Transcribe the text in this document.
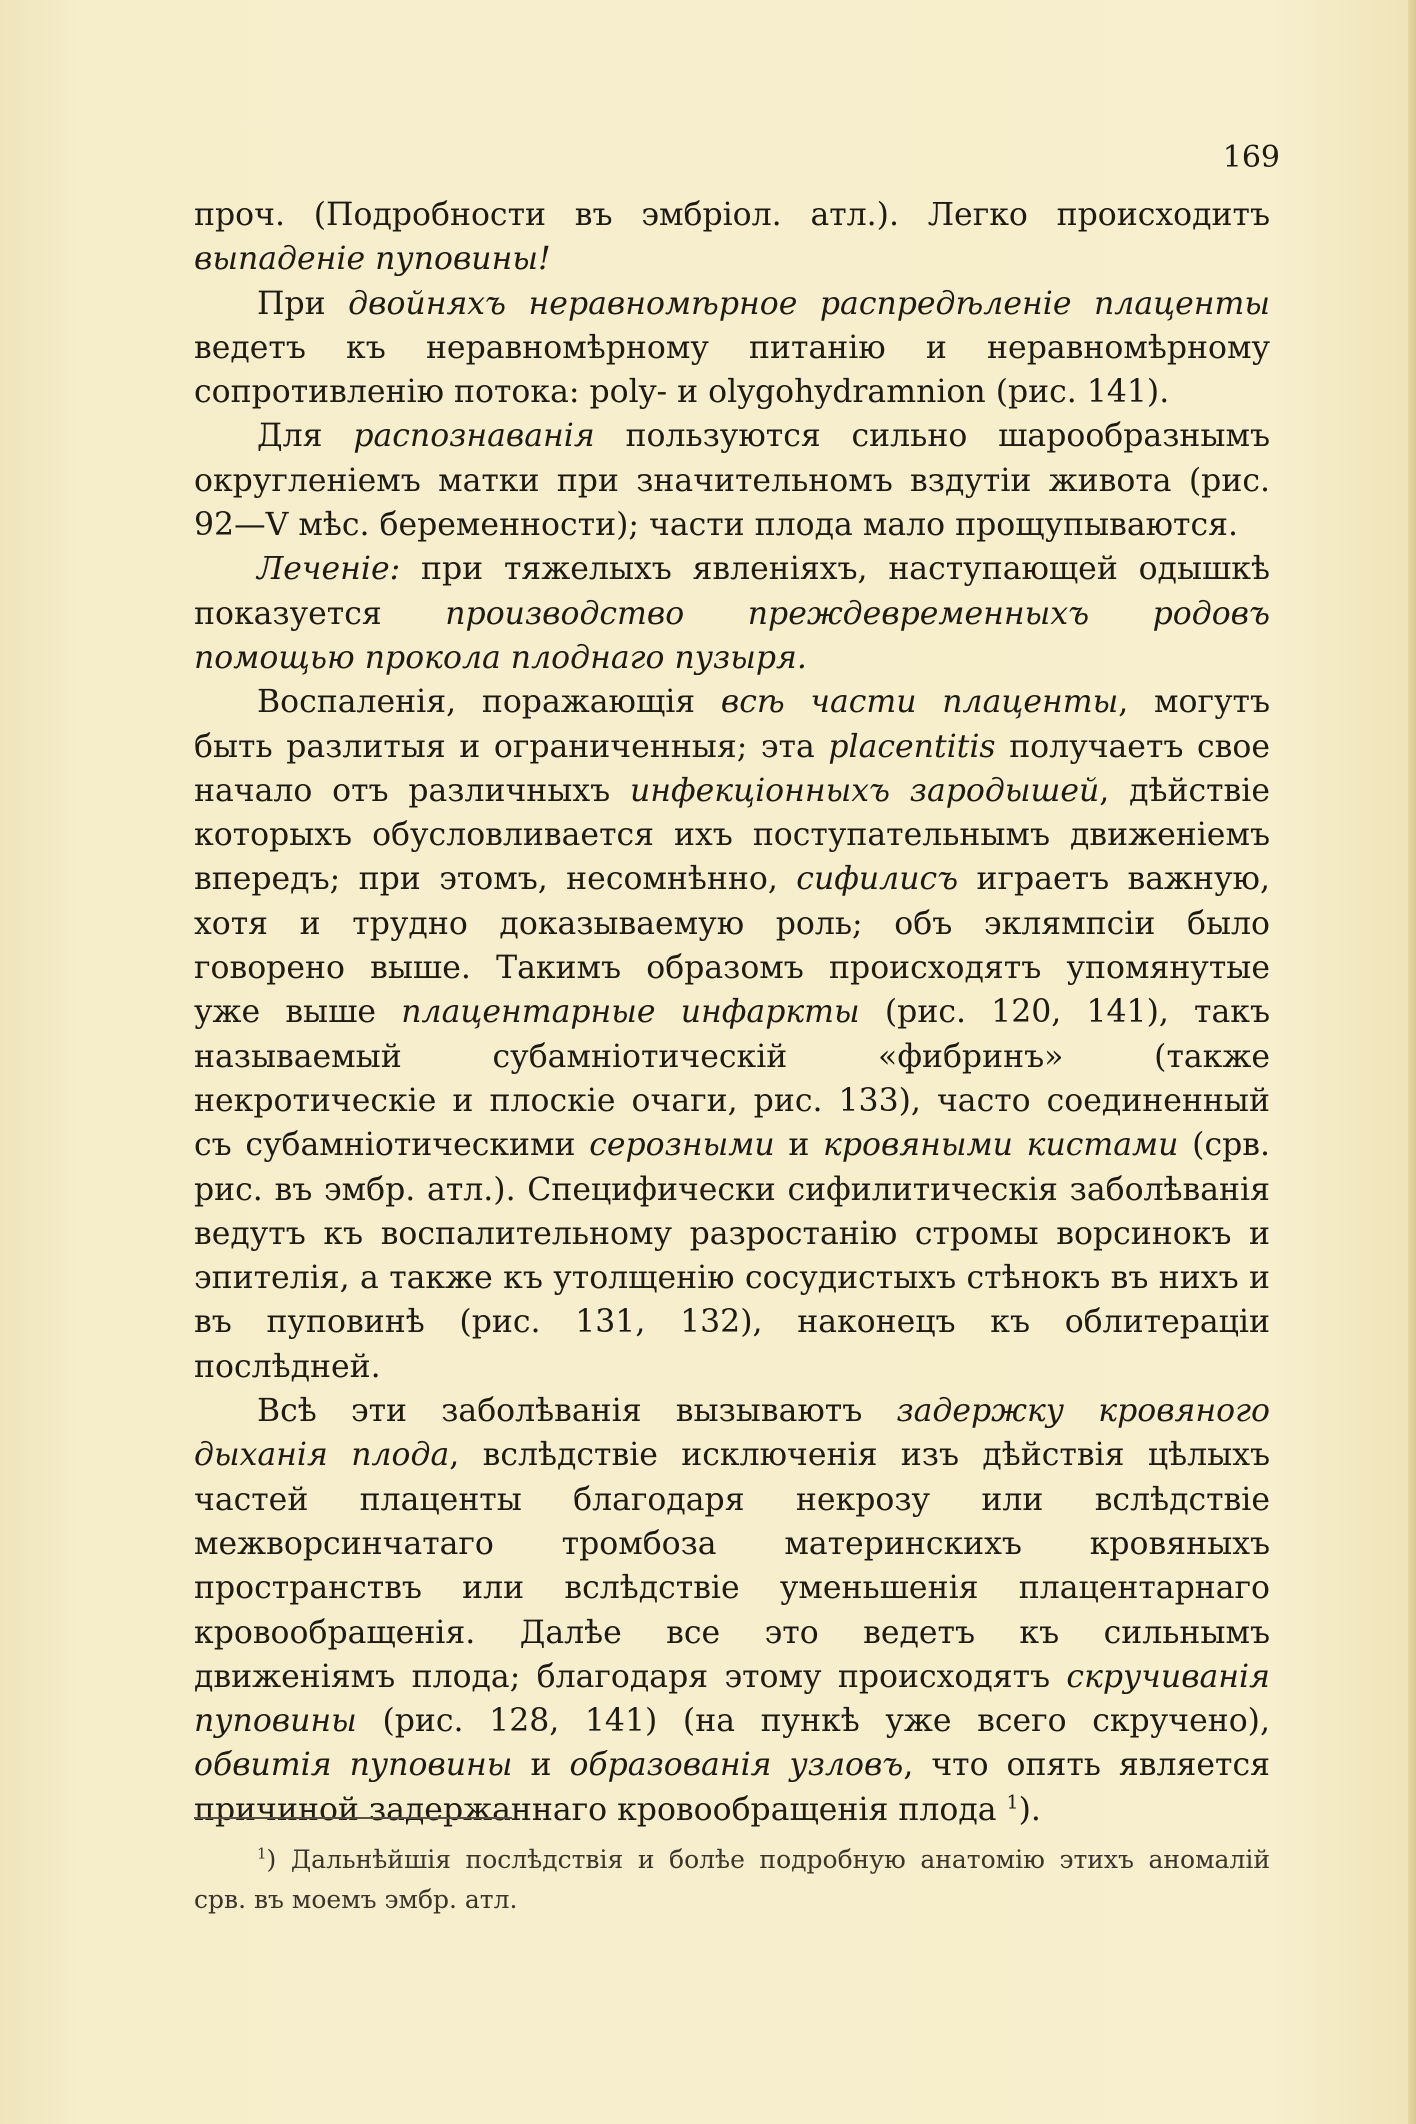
169

проч. (Подробности въ эмбріол. атл.). Легко происходитъ выпаденіе пуповины!

При двойняхъ неравномѣрное распредѣленіе плаценты ведетъ къ неравномѣрному питанію и неравномѣрному сопротивленію потока: poly- и olygohydramnion (рис. 141).

Для распознаванія пользуются сильно шарообразнымъ округленіемъ матки при значительномъ вздутіи живота (рис. 92—V мѣс. беременности); части плода мало прощупываются.

Леченіе: при тяжелыхъ явленіяхъ, наступающей одышкѣ показуется производство преждевременныхъ родовъ помощью прокола плоднаго пузыря.

Воспаленія, поражающія всѣ части плаценты, могутъ быть разлитыя и ограниченныя; эта placentitis получаетъ свое начало отъ различныхъ инфекціонныхъ зародышей, дѣйствіе которыхъ обусловливается ихъ поступательнымъ движеніемъ впередъ; при этомъ, несомнѣнно, сифилисъ играетъ важную, хотя и трудно доказываемую роль; объ эклямпсіи было говорено выше. Такимъ образомъ происходятъ упомянутые уже выше плацентарные инфаркты (рис. 120, 141), такъ называемый субамніотическій «фибринъ» (также некротическіе и плоскіе очаги, рис. 133), часто соединенный съ субамніотическими серозными и кровяными кистами (срв. рис. въ эмбр. атл.). Специфически сифилитическія заболѣванія ведутъ къ воспалительному разростанію стромы ворсинокъ и эпителія, а также къ утолщенію сосудистыхъ стѣнокъ въ нихъ и въ пуповинѣ (рис. 131, 132), наконецъ къ облитераціи послѣдней.

Всѣ эти заболѣванія вызываютъ задержку кровяного дыханія плода, вслѣдствіе исключенія изъ дѣйствія цѣлыхъ частей плаценты благодаря некрозу или вслѣдствіе межворсинчатаго тромбоза материнскихъ кровяныхъ пространствъ или вслѣдствіе уменьшенія плацентарнаго кровообращенія. Далѣе все это ведетъ къ сильнымъ движеніямъ плода; благодаря этому происходятъ скручиванія пуповины (рис. 128, 141) (на пункѣ уже всего скручено), обвитія пуповины и образованія узловъ, что опять является причиной задержаннаго кровообращенія плода $^1$).

$^1$) Дальнѣйшія послѣдствія и болѣе подробную анатомію этихъ аномалій срв. въ моемъ эмбр. атл.
